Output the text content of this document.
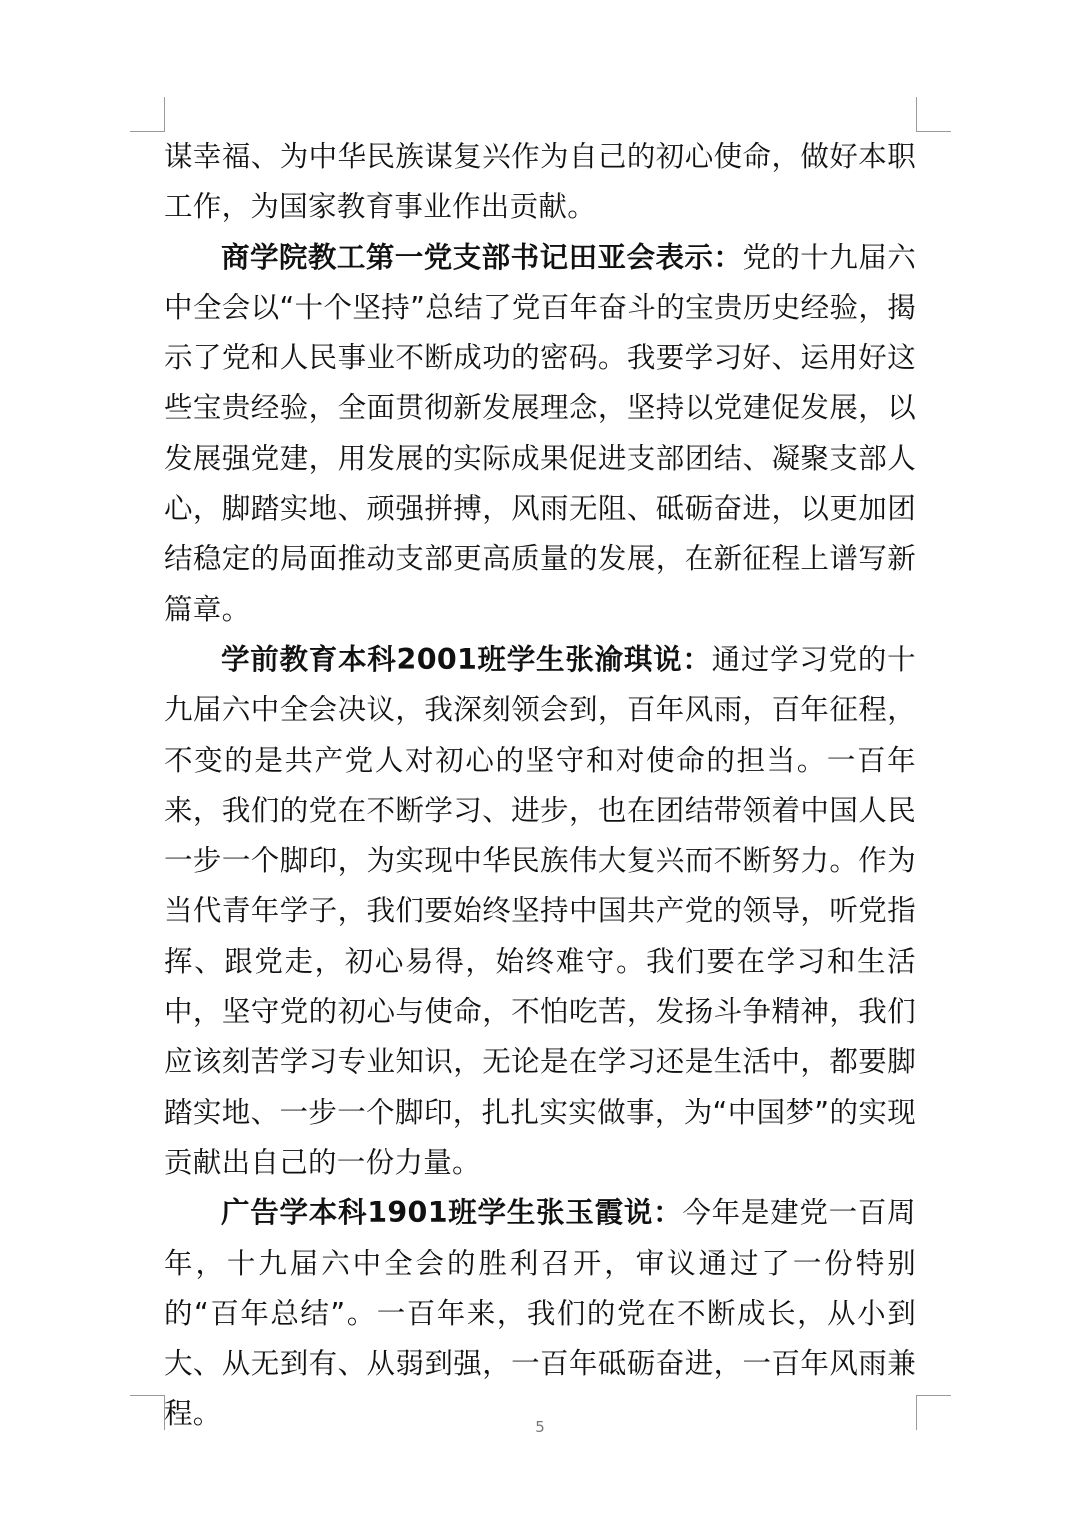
谋幸福、为中华民族谋复兴作为自己的初心使命，做好本职工作，为国家教育事业作出贡献。

商学院教工第一党支部书记田亚会表示：党的十九届六中全会以“十个坚持”总结了党百年奋斗的宝贵历史经验，揭示了党和人民事业不断成功的密码。我要学习好、运用好这些宝贵经验，全面贯彻新发展理念，坚持以党建促发展，以发展强党建，用发展的实际成果促进支部团结、凝聚支部人心，脚踏实地、顽强拼搏，风雨无阻、砥砺奋进，以更加团结稳定的局面推动支部更高质量的发展，在新征程上谱写新篇章。

学前教育本科2001班学生张渝琪说：通过学习党的十九届六中全会决议，我深刻领会到，百年风雨，百年征程，不变的是共产党人对初心的坚守和对使命的担当。一百年来，我们的党在不断学习、进步，也在团结带领着中国人民一步一个脚印，为实现中华民族伟大复兴而不断努力。作为当代青年学子，我们要始终坚持中国共产党的领导，听党指挥、跟党走，初心易得，始终难守。我们要在学习和生活中，坚守党的初心与使命，不怕吃苦，发扬斗争精神，我们应该刻苦学习专业知识，无论是在学习还是生活中，都要脚踏实地、一步一个脚印，扎扎实实做事，为“中国梦”的实现贡献出自己的一份力量。

广告学本科1901班学生张玉霞说：今年是建党一百周年，十九届六中全会的胜利召开，审议通过了一份特别的“百年总结”。一百年来，我们的党在不断成长，从小到大、从无到有、从弱到强，一百年砥砺奋进，一百年风雨兼程。	5
